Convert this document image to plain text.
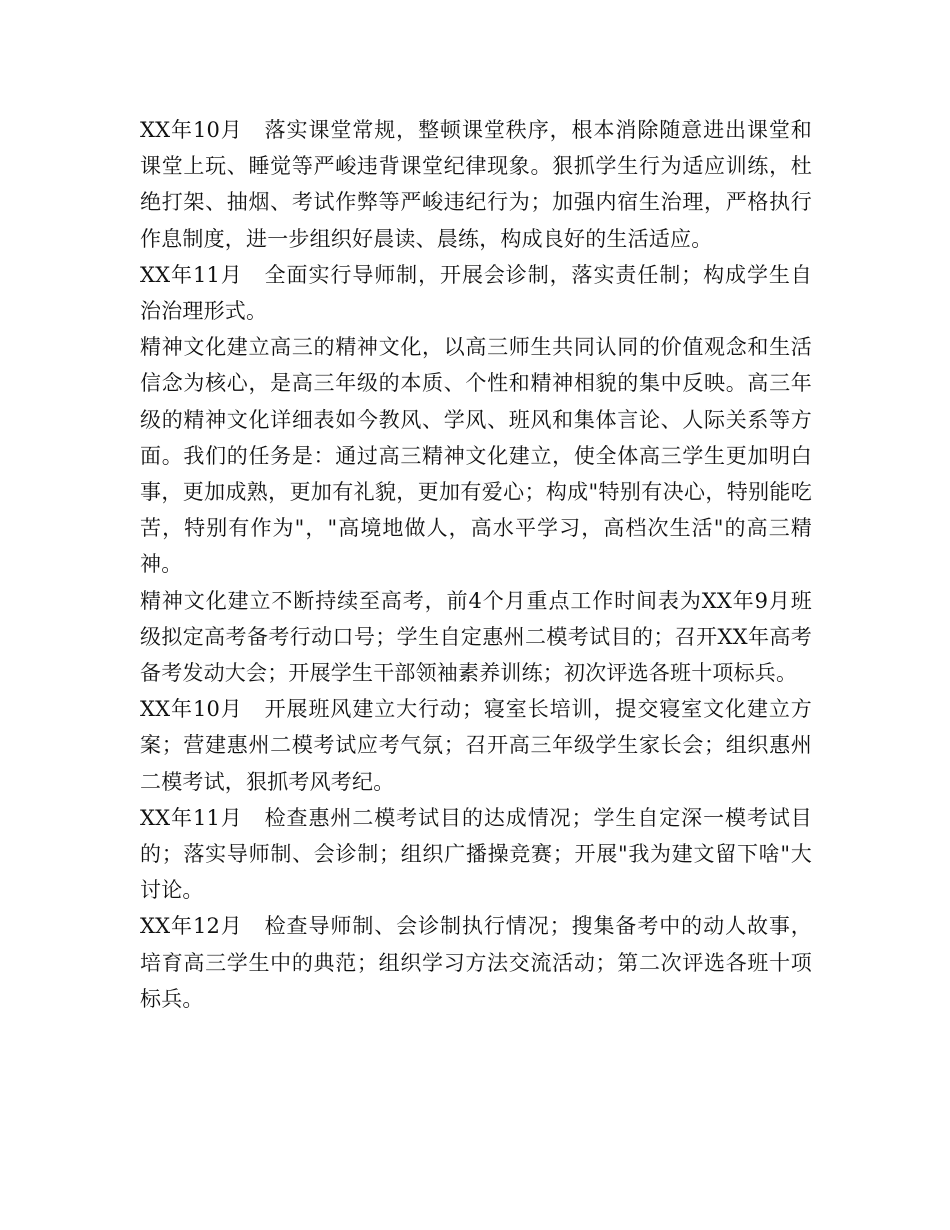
XX年10月　落实课堂常规，整顿课堂秩序，根本消除随意进出课堂和课堂上玩、睡觉等严峻违背课堂纪律现象。狠抓学生行为适应训练，杜绝打架、抽烟、考试作弊等严峻违纪行为；加强内宿生治理，严格执行作息制度，进一步组织好晨读、晨练，构成良好的生活适应。

XX年11月　全面实行导师制，开展会诊制，落实责任制；构成学生自治治理形式。

精神文化建立高三的精神文化，以高三师生共同认同的价值观念和生活信念为核心，是高三年级的本质、个性和精神相貌的集中反映。高三年级的精神文化详细表如今教风、学风、班风和集体言论、人际关系等方面。我们的任务是：通过高三精神文化建立，使全体高三学生更加明白事，更加成熟，更加有礼貌，更加有爱心；构成"特别有决心，特别能吃苦，特别有作为"，"高境地做人，高水平学习，高档次生活"的高三精神。

精神文化建立不断持续至高考，前4个月重点工作时间表为XX年9月班级拟定高考备考行动口号；学生自定惠州二模考试目的；召开XX年高考备考发动大会；开展学生干部领袖素养训练；初次评选各班十项标兵。

XX年10月　开展班风建立大行动；寝室长培训，提交寝室文化建立方案；营建惠州二模考试应考气氛；召开高三年级学生家长会；组织惠州二模考试，狠抓考风考纪。

XX年11月　检查惠州二模考试目的达成情况；学生自定深一模考试目的；落实导师制、会诊制；组织广播操竞赛；开展"我为建文留下啥"大讨论。

XX年12月　检查导师制、会诊制执行情况；搜集备考中的动人故事，培育高三学生中的典范；组织学习方法交流活动；第二次评选各班十项标兵。
